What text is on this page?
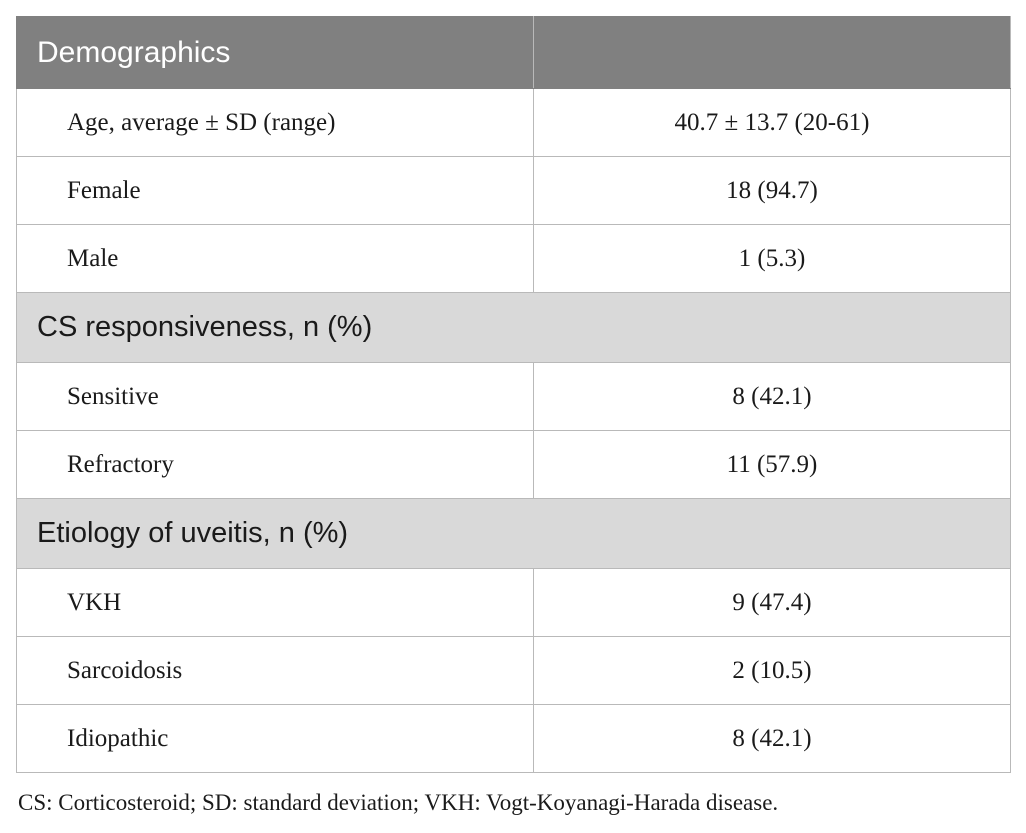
Demographics	
Age, average ± SD (range)	40.7 ± 13.7 (20-61)
Female	18 (94.7)
Male	1 (5.3)
CS responsiveness, n (%)	
Sensitive	8 (42.1)
Refractory	11 (57.9)
Etiology of uveitis, n (%)	
VKH	9 (47.4)
Sarcoidosis	2 (10.5)
Idiopathic	8 (42.1)
CS: Corticosteroid; SD: standard deviation; VKH: Vogt-Koyanagi-Harada disease.
